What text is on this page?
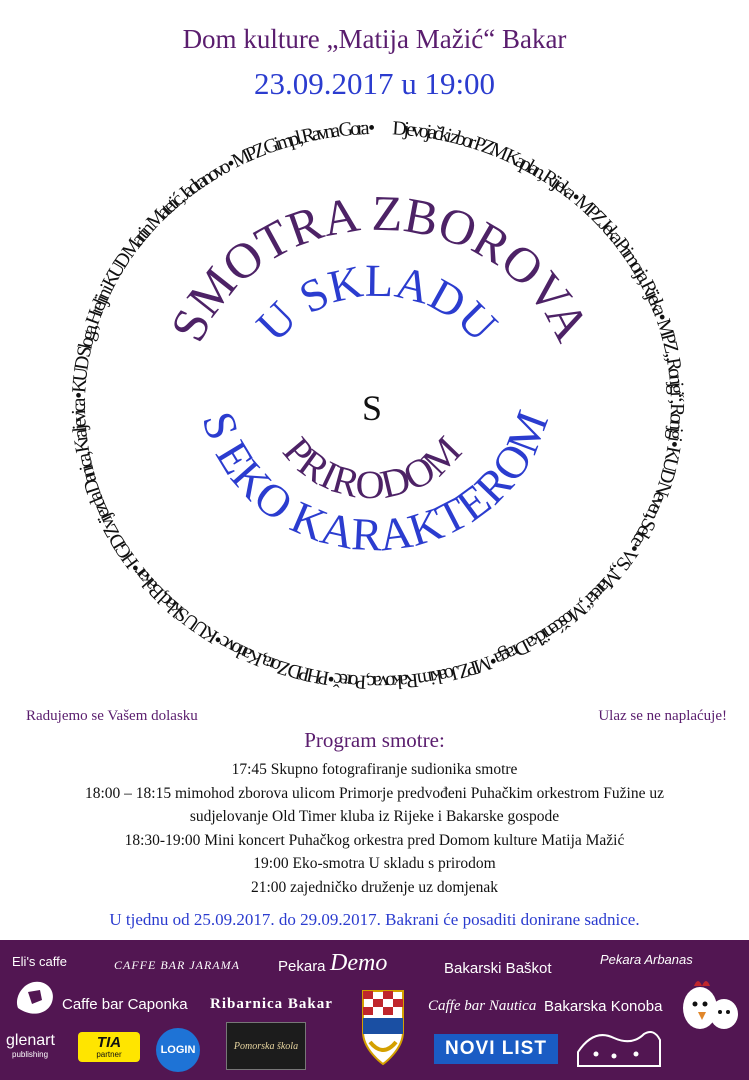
Dom kulture „Matija Mažić“ Bakar
23.09.2017 u 19:00
Djevojački zbor PZM Kaplan, Rijeka • MPZ Jeka Primorja, Rijeka • MPZ „Ronjgi“, Ronjgi • KUD Neven, Selce • VS „Mareta“, Mošćenička Draga • MPZ Joakim Rakovac, Poreč • PHPD Zora, Karlovc • KUU Sklad, Bakar • HGD Zvijezda Danica, Kraljevica • KUD Sloga, Hreljin i KUD Martin Matetić, Jadranovo • MPZ Gimpl, Ravna Gora •
SMOTRA ZBOROVA
U SKLADU
S EKO KARAKTEROM
PRIRODOM
S
Radujemo se Vašem dolasku	Ulaz se ne naplaćuje!
Program smotre:
17:45 Skupno fotografiranje sudionika smotre
18:00 – 18:15 mimohod zborova ulicom Primorje predvođeni Puhačkim orkestrom Fužine uz
sudjelovanje Old Timer kluba iz Rijeke i Bakarske gospode
18:30-19:00 Mini koncert Puhačkog orkestra pred Domom kulture Matija Mažić
19:00 Eko-smotra U skladu s prirodom
21:00 zajedničko druženje uz domjenak
U tjednu od 25.09.2017. do 29.09.2017. Bakrani će posaditi donirane sadnice.
Eli's caffe	CAFFE BAR JARAMA	Pekara Demo	Bakarski Baškot
Pekara Arbanas
Caffe bar Caponka Ribarnica Bakar	Caffe bar Nautica Bakarska Konoba
glenart
publishing
TIA
partner	LOGIN	Pomorska škola	NOVI LIST
